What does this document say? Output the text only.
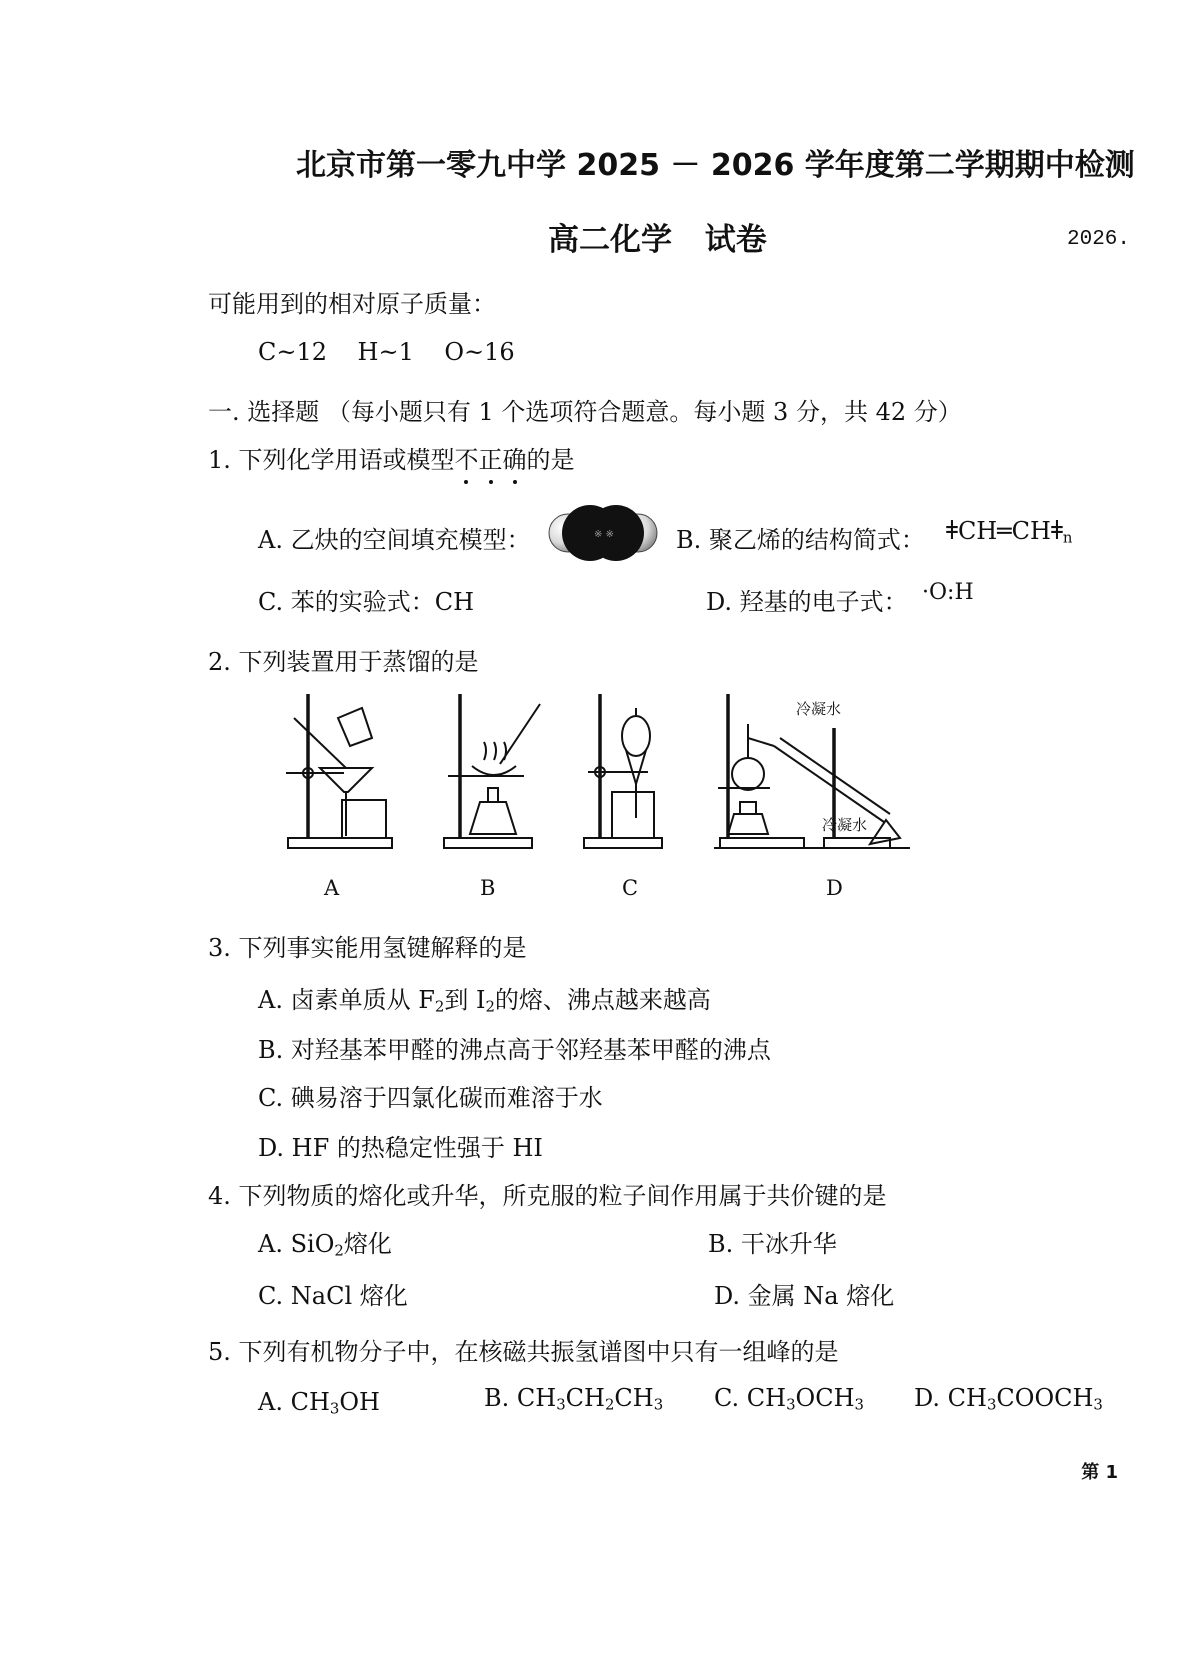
北京市第一零九中学 2025 － 2026 学年度第二学期期中检测
高二化学 试卷	2026.
可能用到的相对原子质量：
C~12    H~1    O~16
一. 选择题 （每小题只有 1 个选项符合题意。每小题 3 分，共 42 分）
1. 下列化学用语或模型不正确
的是
A. 乙炔的空间填充模型：	※ ※	B. 聚乙烯的结构简式： $ǂCH═CHǂ_n$
C. 苯的实验式：CH	D. 羟基的电子式： ·O:H
2. 下列装置用于蒸馏的是
冷凝水
冷凝水
A	B	C	D
3. 下列事实能用氢键解释的是
A. 卤素单质从 $F_2$到 $I_2$的熔、沸点越来越高
B. 对羟基苯甲醛的沸点高于邻羟基苯甲醛的沸点
C. 碘易溶于四氯化碳而难溶于水
D. HF 的热稳定性强于 HI
4. 下列物质的熔化或升华，所克服的粒子间作用属于共价键的是
A. SiO$_2$熔化	B. 干冰升华
C. NaCl 熔化	D. 金属 Na 熔化
5. 下列有机物分子中，在核磁共振氢谱图中只有一组峰的是
A. $CH_3OH$	B. $CH_3CH_2CH_3$ C. $CH_3OCH_3$ D. $CH_3COOCH_3$
第 1
